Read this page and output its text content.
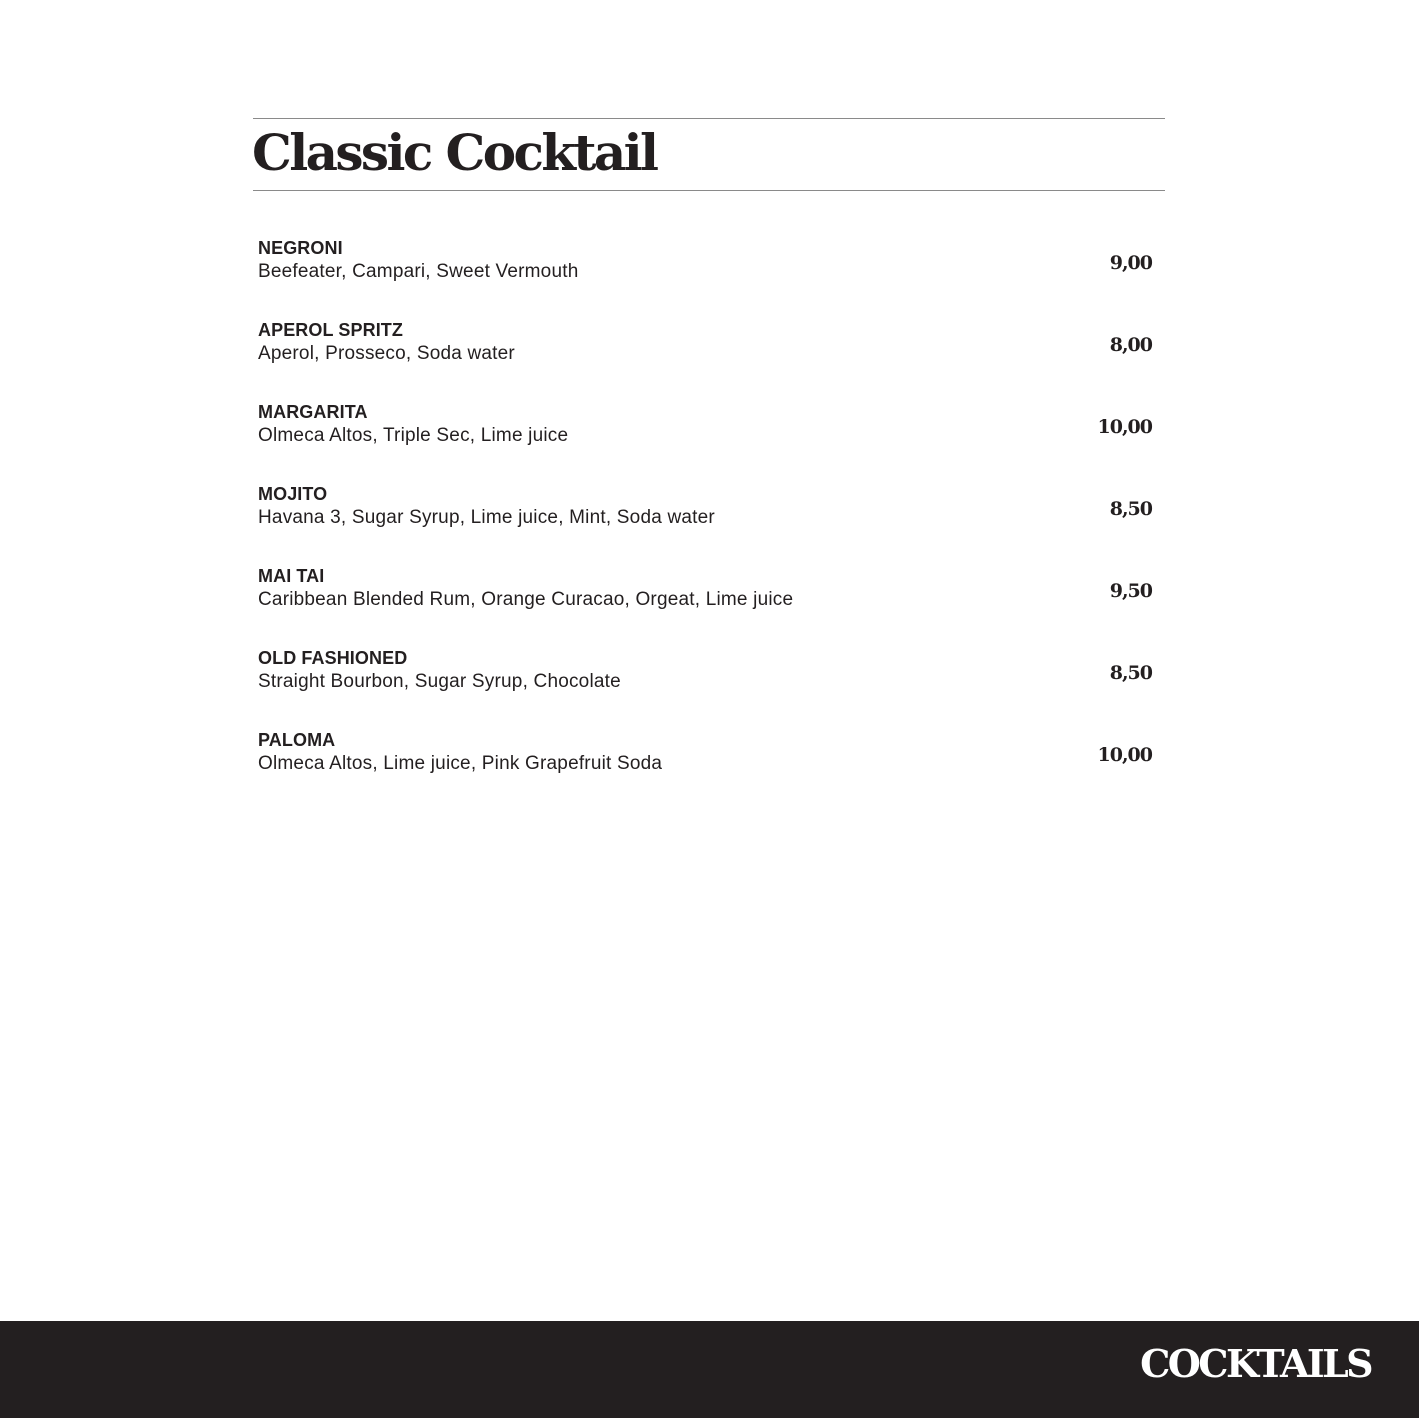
Classic Cocktail
NEGRONI
Beefeater, Campari, Sweet Vermouth	9,00
APEROL SPRITZ
Aperol, Prosseco, Soda water	8,00
MARGARITA
Olmeca Altos, Triple Sec, Lime juice	10,00
MOJITO
Havana 3, Sugar Syrup, Lime juice, Mint, Soda water	8,50
MAI TAI
Caribbean Blended Rum, Orange Curacao, Orgeat, Lime juice	9,50
OLD FASHIONED
Straight Bourbon, Sugar Syrup, Chocolate	8,50
PALOMA
Olmeca Altos, Lime juice, Pink Grapefruit Soda	10,00
COCKTAILS
